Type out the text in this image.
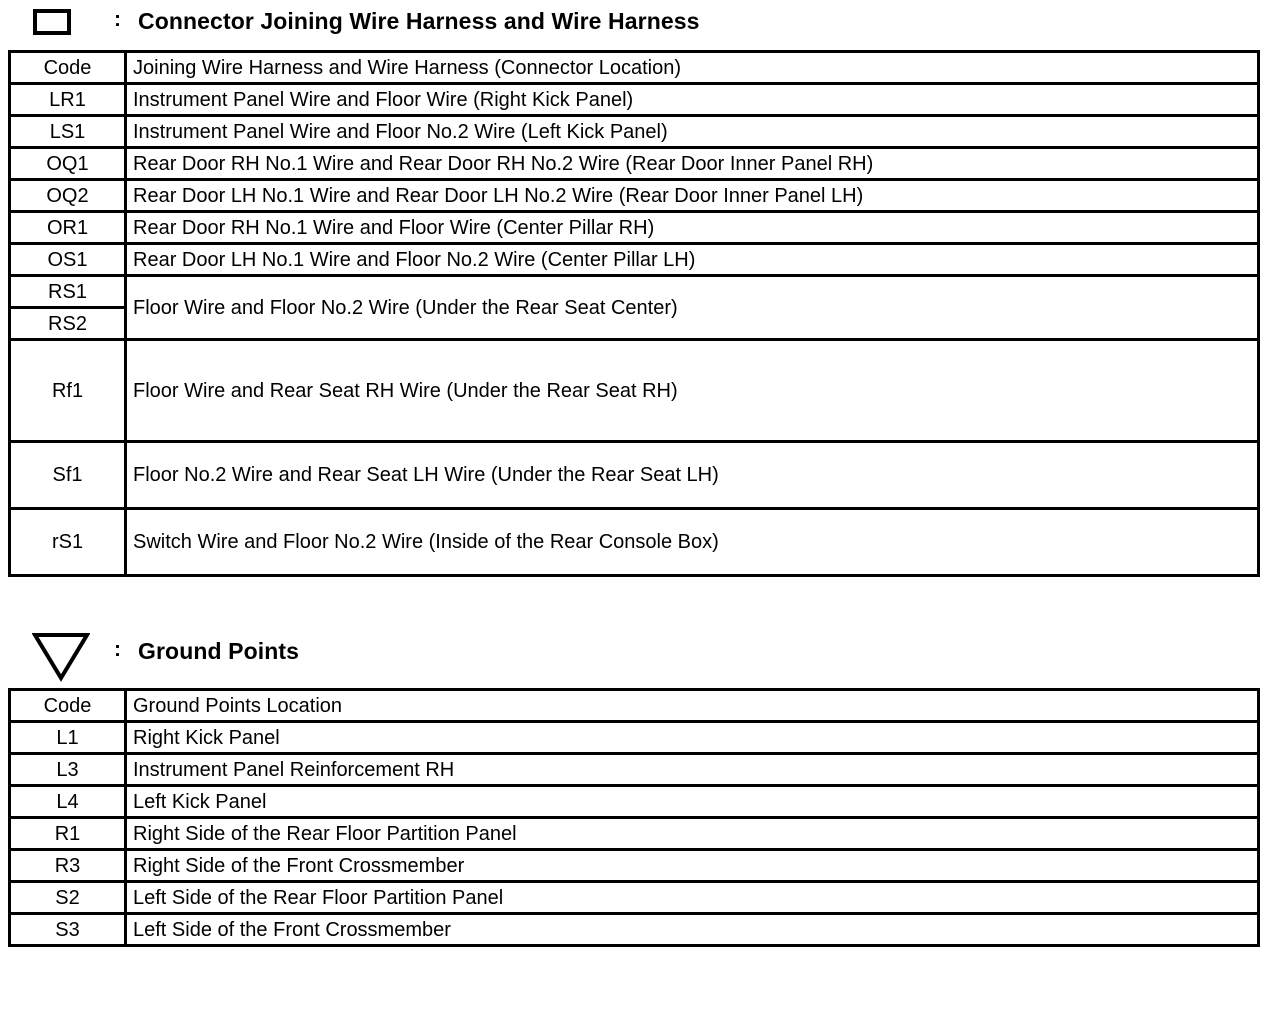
: Connector Joining Wire Harness and Wire Harness
Code	Joining Wire Harness and Wire Harness (Connector Location)
LR1	Instrument Panel Wire and Floor Wire (Right Kick Panel)
LS1	Instrument Panel Wire and Floor No.2 Wire (Left Kick Panel)
OQ1	Rear Door RH No.1 Wire and Rear Door RH No.2 Wire (Rear Door Inner Panel RH)
OQ2	Rear Door LH No.1 Wire and Rear Door LH No.2 Wire (Rear Door Inner Panel LH)
OR1	Rear Door RH No.1 Wire and Floor Wire (Center Pillar RH)
OS1	Rear Door LH No.1 Wire and Floor No.2 Wire (Center Pillar LH)
RS1	Floor Wire and Floor No.2 Wire (Under the Rear Seat Center)
RS2	
Rf1	Floor Wire and Rear Seat RH Wire (Under the Rear Seat RH)
Sf1	Floor No.2 Wire and Rear Seat LH Wire (Under the Rear Seat LH)
rS1	Switch Wire and Floor No.2 Wire (Inside of the Rear Console Box)
: Ground Points
Code	Ground Points Location
L1	Right Kick Panel
L3	Instrument Panel Reinforcement RH
L4	Left Kick Panel
R1	Right Side of the Rear Floor Partition Panel
R3	Right Side of the Front Crossmember
S2	Left Side of the Rear Floor Partition Panel
S3	Left Side of the Front Crossmember
